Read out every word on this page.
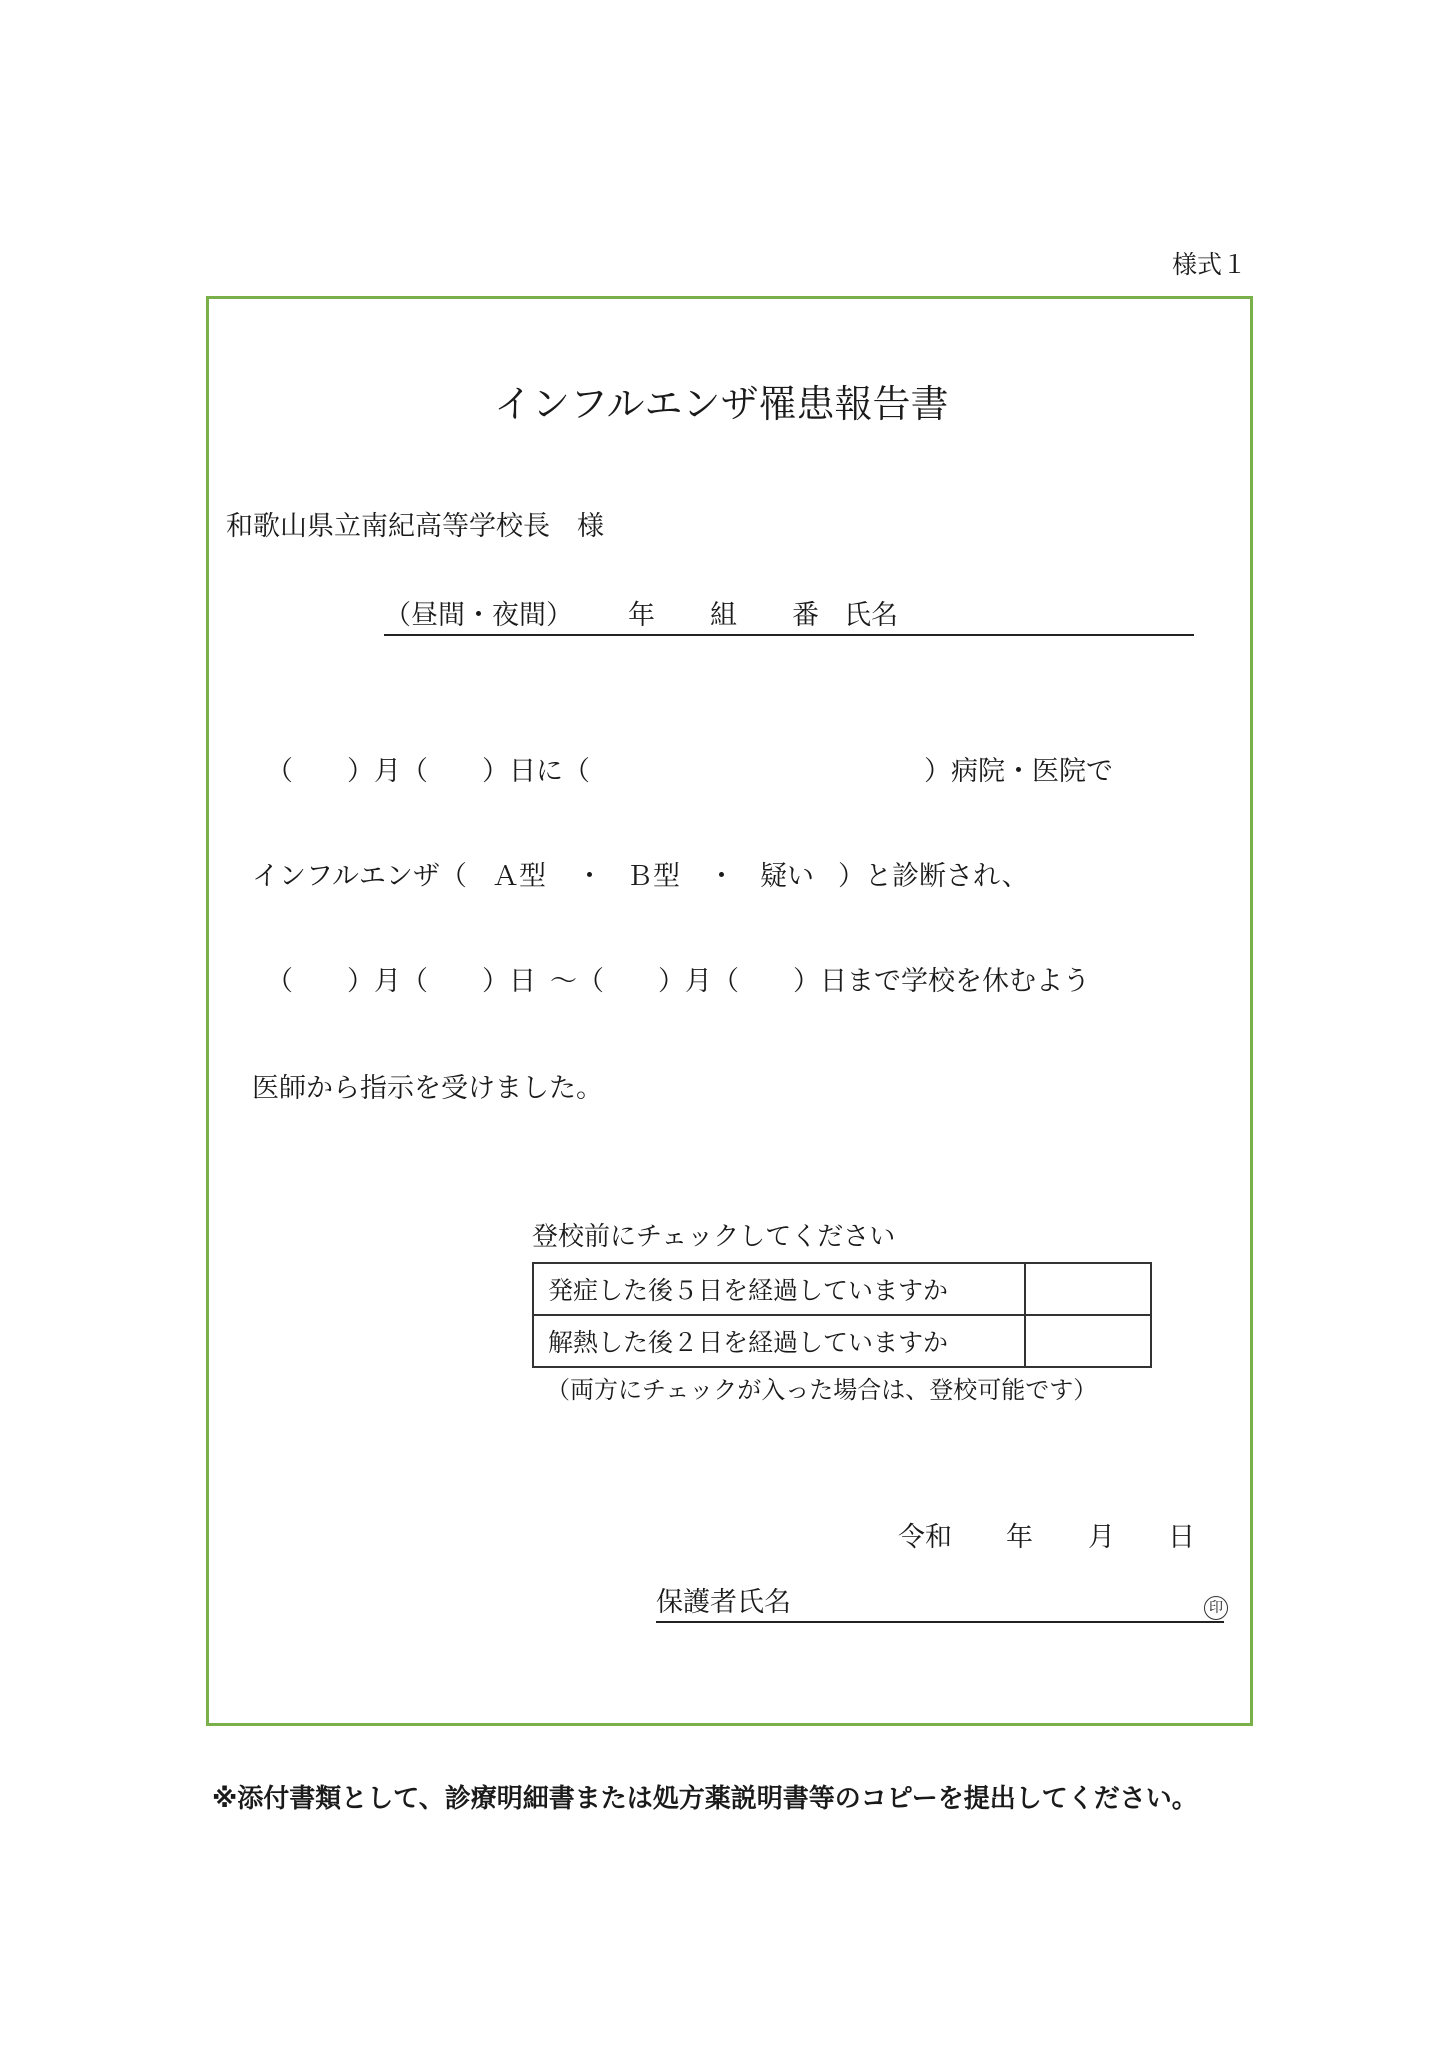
様式１
インフルエンザ罹患報告書
和歌山県立南紀高等学校長　様
（昼間・夜間） 年 組 番 氏名
（　　）月（　　）日に（	）病院・医院で
インフルエンザ（ Ａ型 ・ Ｂ型 ・ 疑い ）と診断され、
（　　）月（　　）日 ～（　　）月（　　）日まで学校を休むよう
医師から指示を受けました。
登校前にチェックしてください
発症した後５日を経過していますか	
解熱した後２日を経過していますか	
（両方にチェックが入った場合は、登校可能です）
令和 年 月 日
保護者氏名	印
※添付書類として、診療明細書または処方薬説明書等のコピーを提出してください。
